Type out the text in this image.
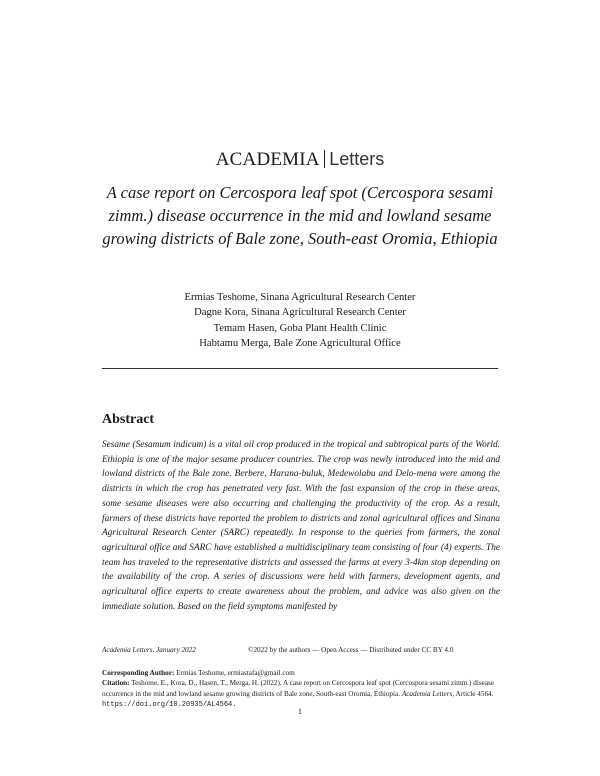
ACADEMIA Letters
A case report on Cercospora leaf spot (Cercospora sesami zimm.) disease occurrence in the mid and lowland sesame growing districts of Bale zone, South-east Oromia, Ethiopia
Ermias Teshome, Sinana Agricultural Research Center
Dagne Kora, Sinana Agricultural Research Center
Temam Hasen, Goba Plant Health Clinic
Habtamu Merga, Bale Zone Agricultural Office
Abstract
Sesame (Sesamum indicum) is a vital oil crop produced in the tropical and subtropical parts of the World. Ethiopia is one of the major sesame producer countries. The crop was newly introduced into the mid and lowland districts of the Bale zone. Berbere, Harana-buluk, Medewolabu and Delo-mena were among the districts in which the crop has penetrated very fast. With the fast expansion of the crop in these areas, some sesame diseases were also occurring and challenging the productivity of the crop. As a result, farmers of these districts have reported the problem to districts and zonal agricultural offices and Sinana Agricultural Research Center (SARC) repeatedly. In response to the queries from farmers, the zonal agricultural office and SARC have established a multidisciplinary team consisting of four (4) experts. The team has traveled to the representative districts and assessed the farms at every 3-4km stop depending on the availability of the crop. A series of discussions were held with farmers, development agents, and agricultural office experts to create awareness about the problem, and advice was also given on the immediate solution. Based on the field symptoms manifested by
Academia Letters, January 2022	©2022 by the authors — Open Access — Distributed under CC BY 4.0
Corresponding Author: Ermias Teshome, ermiastafa@gmail.com
Citation: Teshome, E., Kora, D., Hasen, T., Merga, H. (2022). A case report on Cercospora leaf spot (Cercospora sesami zimm.) disease occurrence in the mid and lowland sesame growing districts of Bale zone, South-east Oromia, Ethiopia. Academia Letters, Article 4564. https://doi.org/10.20935/AL4564.
1
